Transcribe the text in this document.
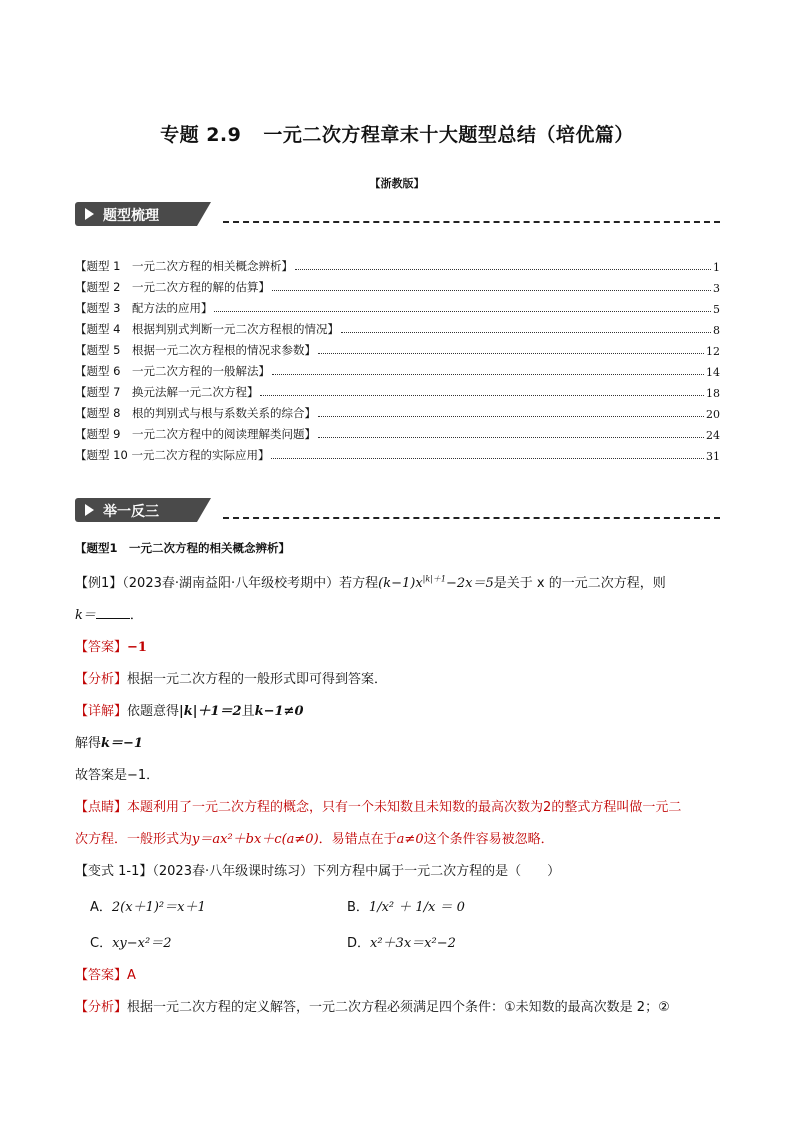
专题 2.9 一元二次方程章末十大题型总结（培优篇）
【浙教版】
题型梳理
【题型 1　一元二次方程的相关概念辨析】	1
【题型 2　一元二次方程的解的估算】	3
【题型 3　配方法的应用】	5
【题型 4　根据判别式判断一元二次方程根的情况】	8
【题型 5　根据一元二次方程根的情况求参数】	12
【题型 6　一元二次方程的一般解法】	14
【题型 7　换元法解一元二次方程】	18
【题型 8　根的判别式与根与系数关系的综合】	20
【题型 9　一元二次方程中的阅读理解类问题】	24
【题型 10 一元二次方程的实际应用】	31
举一反三
【题型1　一元二次方程的相关概念辨析】
【例1】（2023春·湖南益阳·八年级校考期中）若方程$(k-1)x^{|k|+1}-2x=5$是关于 x 的一元二次方程，则
k＝	．
【答案】−1
【分析】根据一元二次方程的一般形式即可得到答案．
【详解】依题意得|k|＋1＝2且k−1≠0
解得k＝−1
故答案是−1．
【点睛】本题利用了一元二次方程的概念，只有一个未知数且未知数的最高次数为2的整式方程叫做一元二
次方程．一般形式为y＝ax²＋bx＋c(a≠0)．易错点在于a≠0这个条件容易被忽略．
【变式 1-1】（2023春·八年级课时练习）下列方程中属于一元二次方程的是（　　）
A．2(x＋1)²＝x＋1	B．1/x² ＋ 1/x ＝ 0
C．xy−x²＝2	D．x²＋3x＝x²−2
【答案】A
【分析】根据一元二次方程的定义解答，一元二次方程必须满足四个条件：①未知数的最高次数是 2；②
